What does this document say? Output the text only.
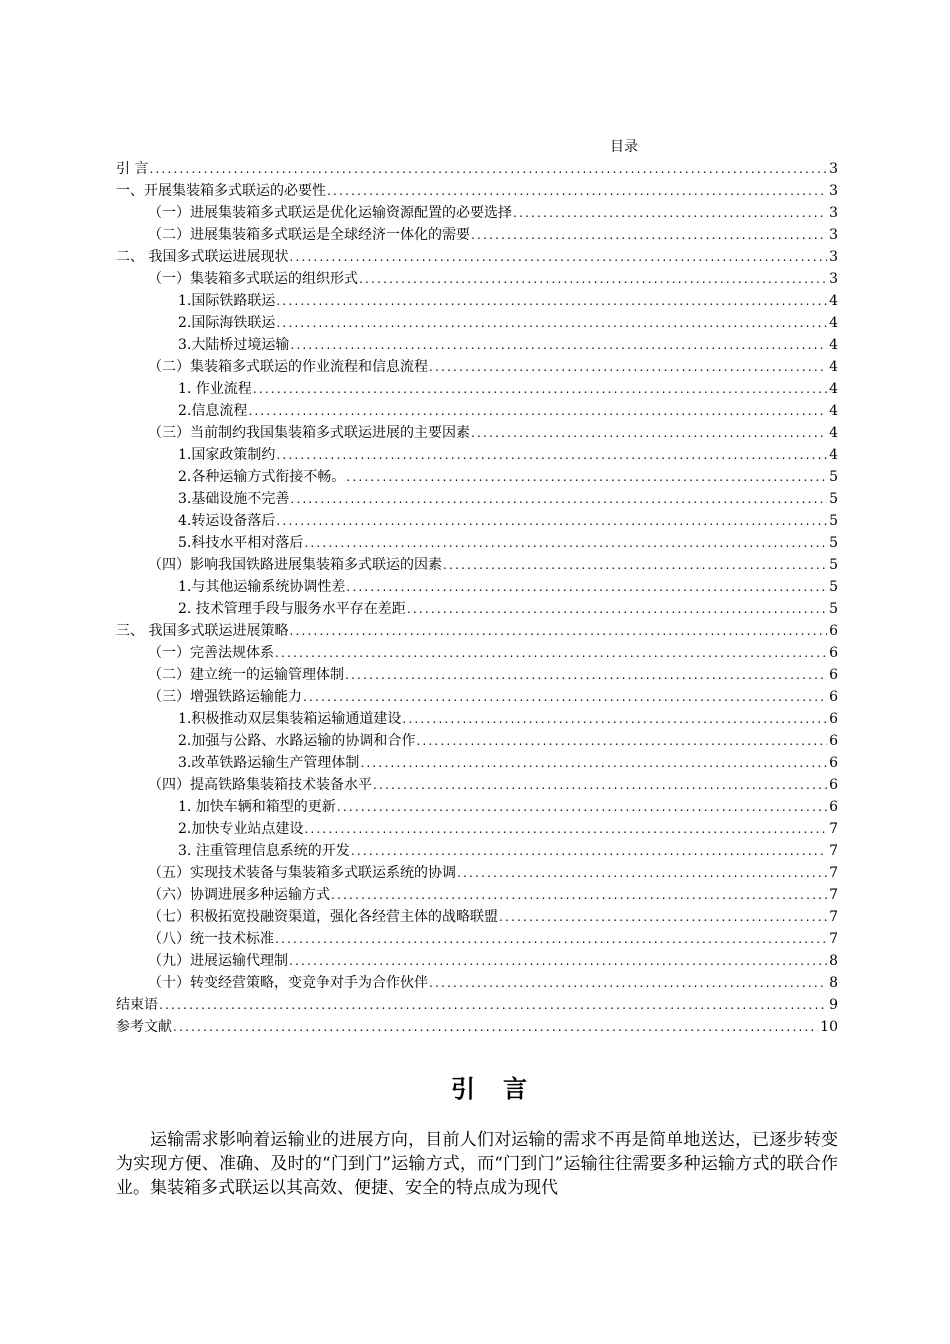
目录
引 言 .....	3
一、开展集装箱多式联运的必要性 .....	3
（一）进展集装箱多式联运是优化运输资源配置的必要选择 .....	3
（二）进展集装箱多式联运是全球经济一体化的需要 .....	3
二、 我国多式联运进展现状 .....	3
（一）集装箱多式联运的组织形式 .....	3
1.国际铁路联运 .....	4
2.国际海铁联运 .....	4
3.大陆桥过境运输 .....	4
（二）集装箱多式联运的作业流程和信息流程 .....	4
1. 作业流程 .....	4
2.信息流程 .....	4
（三）当前制约我国集装箱多式联运进展的主要因素 .....	4
1.国家政策制约 .....	4
2.各种运输方式衔接不畅。 .....	5
3.基础设施不完善 .....	5
4.转运设备落后 .....	5
5.科技水平相对落后 .....	5
（四）影响我国铁路进展集装箱多式联运的因素 .....	5
1.与其他运输系统协调性差 .....	5
2. 技术管理手段与服务水平存在差距 .....	5
三、 我国多式联运进展策略 .....	6
（一）完善法规体系 .....	6
（二）建立统一的运输管理体制 .....	6
（三）增强铁路运输能力 .....	6
1.积极推动双层集装箱运输通道建设 .....	6
2.加强与公路、水路运输的协调和合作 .....	6
3.改革铁路运输生产管理体制 .....	6
（四）提高铁路集装箱技术装备水平 .....	6
1. 加快车辆和箱型的更新 .....	6
2.加快专业站点建设 .....	7
3. 注重管理信息系统的开发 .....	7
（五）实现技术装备与集装箱多式联运系统的协调 .....	7
（六）协调进展多种运输方式 .....	7
（七）积极拓宽投融资渠道，强化各经营主体的战略联盟 .....	7
（八）统一技术标准 .....	7
（九）进展运输代理制 .....	8
（十）转变经营策略，变竞争对手为合作伙伴 .....	8
结束语 .....	9
参考文献 .....	10
引言
运输需求影响着运输业的进展方向，目前人们对运输的需求不再是简单地送达，已逐步转变为实现方便、准确、及时的“门到门”运输方式，而“门到门”运输往往需要多种运输方式的联合作业。集装箱多式联运以其高效、便捷、安全的特点成为现代
